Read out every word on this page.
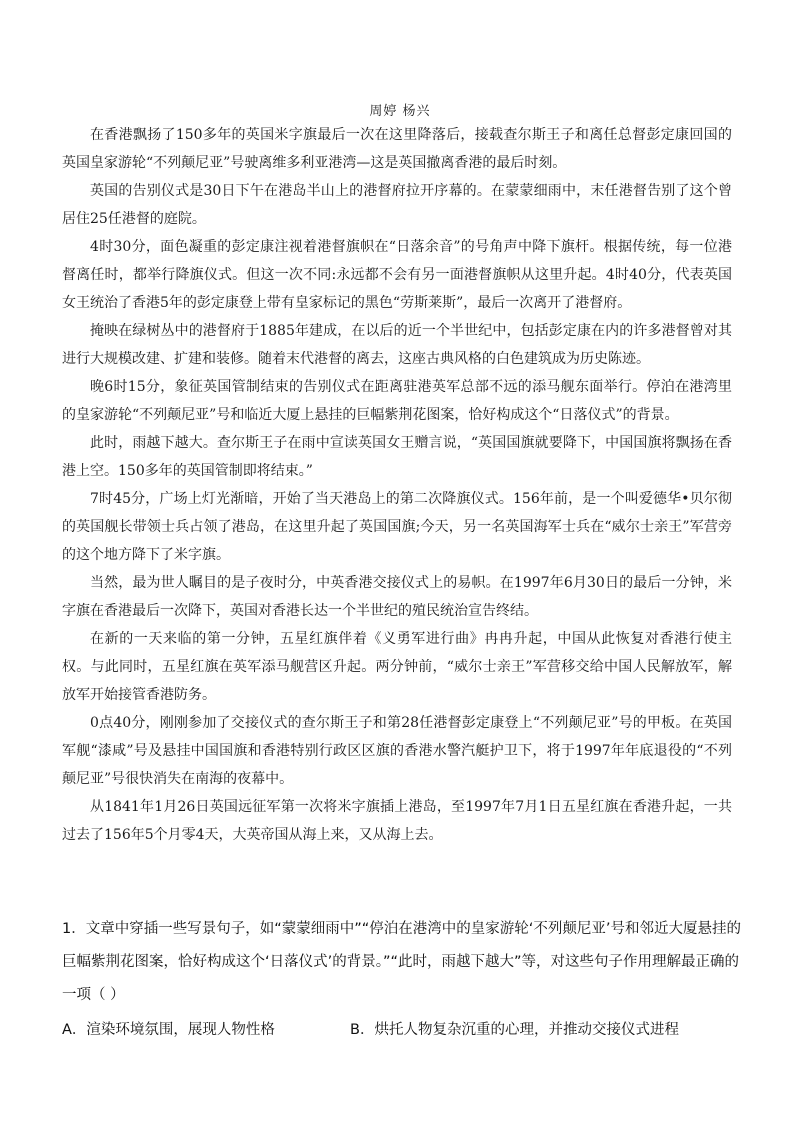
周婷 杨兴

在香港飘扬了150多年的英国米字旗最后一次在这里降落后，接载查尔斯王子和离任总督彭定康回国的英国皇家游轮“不列颠尼亚”号驶离维多利亚港湾—这是英国撤离香港的最后时刻。

英国的告别仪式是30日下午在港岛半山上的港督府拉开序幕的。在蒙蒙细雨中，末任港督告别了这个曾居住25任港督的庭院。

4时30分，面色凝重的彭定康注视着港督旗帜在“日落余音”的号角声中降下旗杆。根据传统，每一位港督离任时，都举行降旗仪式。但这一次不同:永远都不会有另一面港督旗帜从这里升起。4时40分，代表英国女王统治了香港5年的彭定康登上带有皇家标记的黑色“劳斯莱斯”，最后一次离开了港督府。

掩映在绿树丛中的港督府于1885年建成，在以后的近一个半世纪中，包括彭定康在内的许多港督曾对其进行大规模改建、扩建和装修。随着末代港督的离去，这座古典风格的白色建筑成为历史陈迹。

晚6时15分，象征英国管制结束的告别仪式在距离驻港英军总部不远的添马舰东面举行。停泊在港湾里的皇家游轮“不列颠尼亚”号和临近大厦上悬挂的巨幅紫荆花图案，恰好构成这个“日落仪式”的背景。

此时，雨越下越大。查尔斯王子在雨中宣读英国女王赠言说，“英国国旗就要降下，中国国旗将飘扬在香港上空。150多年的英国管制即将结束。”

7时45分，广场上灯光渐暗，开始了当天港岛上的第二次降旗仪式。156年前，是一个叫爱德华•贝尔彻的英国舰长带领士兵占领了港岛，在这里升起了英国国旗;今天，另一名英国海军士兵在“威尔士亲王”军营旁的这个地方降下了米字旗。

当然，最为世人瞩目的是子夜时分，中英香港交接仪式上的易帜。在1997年6月30日的最后一分钟，米字旗在香港最后一次降下，英国对香港长达一个半世纪的殖民统治宣告终结。

在新的一天来临的第一分钟，五星红旗伴着《义勇军进行曲》冉冉升起，中国从此恢复对香港行使主权。与此同时，五星红旗在英军添马舰营区升起。两分钟前，“威尔士亲王”军营移交给中国人民解放军，解放军开始接管香港防务。

0点40分，刚刚参加了交接仪式的查尔斯王子和第28任港督彭定康登上“不列颠尼亚”号的甲板。在英国军舰“漆咸”号及悬挂中国国旗和香港特别行政区区旗的香港水警汽艇护卫下，将于1997年年底退役的“不列颠尼亚”号很快消失在南海的夜幕中。

从1841年1月26日英国远征军第一次将米字旗插上港岛，至1997年7月1日五星红旗在香港升起，一共过去了156年5个月零4天，大英帝国从海上来，又从海上去。

1．文章中穿插一些写景句子，如“蒙蒙细雨中”“停泊在港湾中的皇家游轮‘不列颠尼亚’号和邻近大厦悬挂的巨幅紫荆花图案，恰好构成这个‘日落仪式’的背景。”“此时，雨越下越大”等，对这些句子作用理解最正确的一项（ ）

A．渲染环境氛围，展现人物性格	B．烘托人物复杂沉重的心理，并推动交接仪式进程
